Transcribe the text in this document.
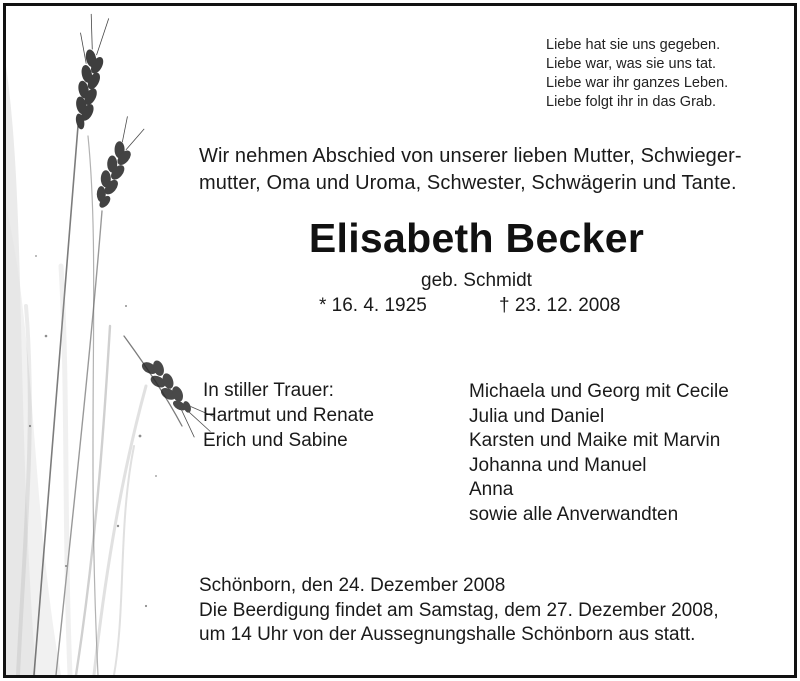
Liebe hat sie uns gegeben.
Liebe war, was sie uns tat.
Liebe war ihr ganzes Leben.
Liebe folgt ihr in das Grab.
Wir nehmen Abschied von unserer lieben Mutter, Schwieger-
mutter, Oma und Uroma, Schwester, Schwägerin und Tante.
Elisabeth Becker
geb. Schmidt
* 16. 4. 1925	† 23. 12. 2008
In stiller Trauer:
Hartmut und Renate
Erich und Sabine
Michaela und Georg mit Cecile
Julia und Daniel
Karsten und Maike mit Marvin
Johanna und Manuel
Anna
sowie alle Anverwandten
Schönborn, den 24. Dezember 2008
Die Beerdigung findet am Samstag, dem 27. Dezember 2008,
um 14 Uhr von der Aussegnungshalle Schönborn aus statt.
